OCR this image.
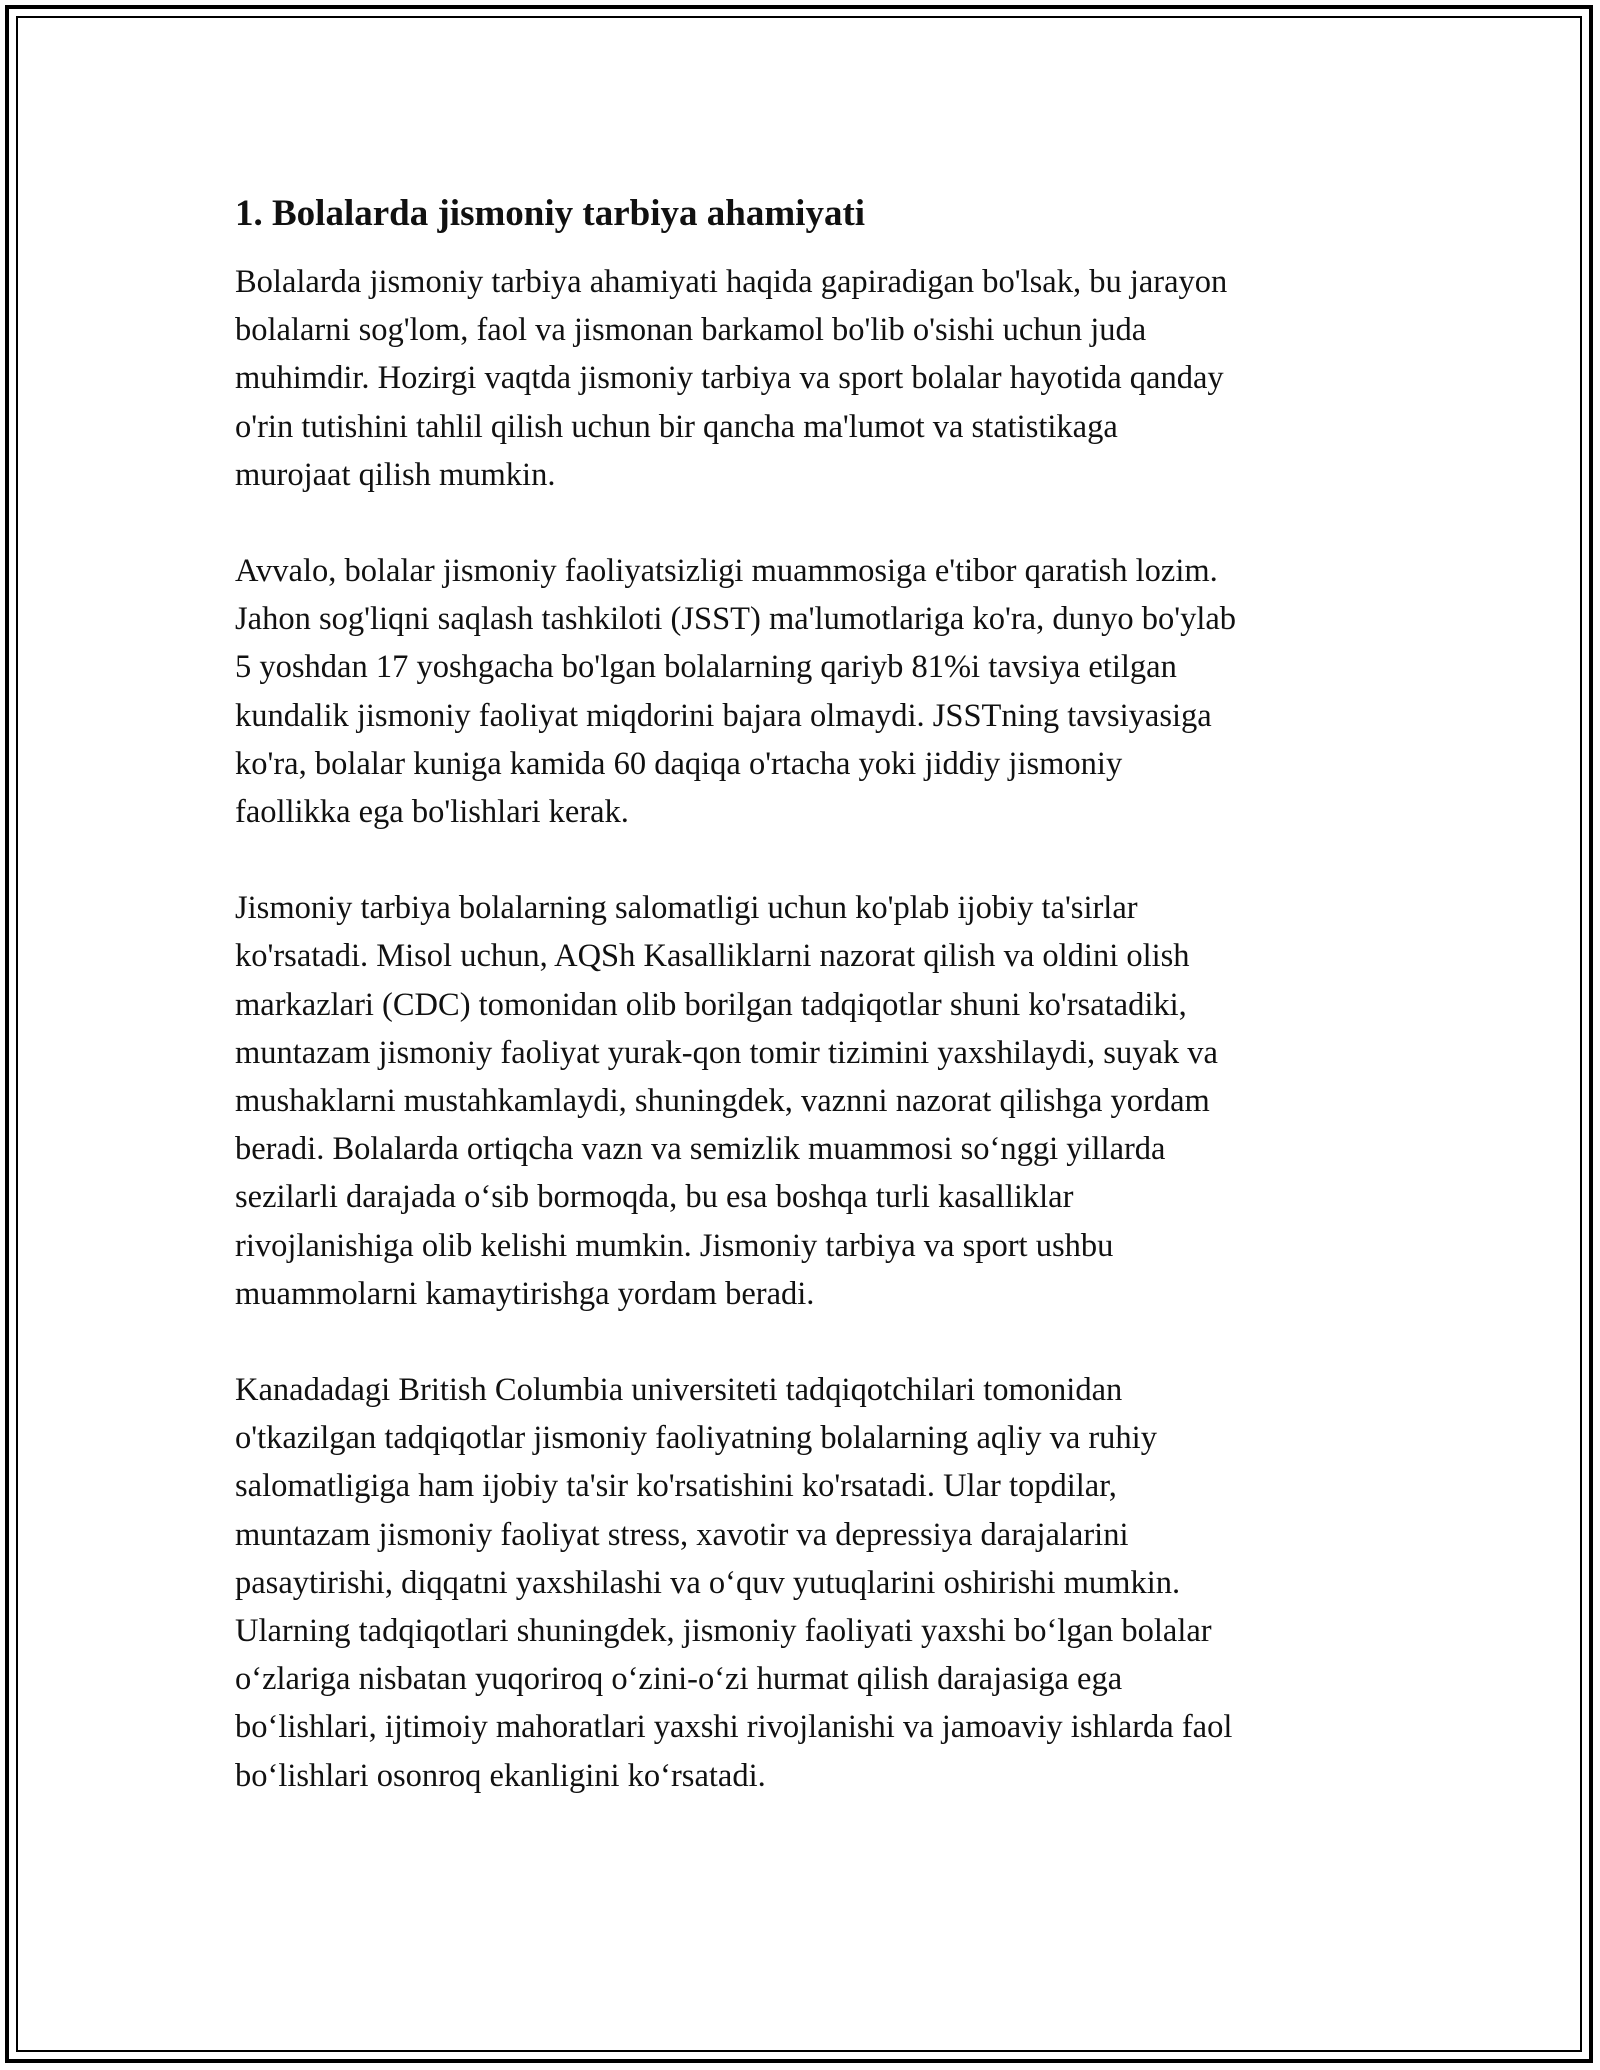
1. Bolalarda jismoniy tarbiya ahamiyati

Bolalarda jismoniy tarbiya ahamiyati haqida gapiradigan bo'lsak, bu jarayon
bolalarni sog'lom, faol va jismonan barkamol bo'lib o'sishi uchun juda
muhimdir. Hozirgi vaqtda jismoniy tarbiya va sport bolalar hayotida qanday
o'rin tutishini tahlil qilish uchun bir qancha ma'lumot va statistikaga
murojaat qilish mumkin.

Avvalo, bolalar jismoniy faoliyatsizligi muammosiga e'tibor qaratish lozim.
Jahon sog'liqni saqlash tashkiloti (JSST) ma'lumotlariga ko'ra, dunyo bo'ylab
5 yoshdan 17 yoshgacha bo'lgan bolalarning qariyb 81%i tavsiya etilgan
kundalik jismoniy faoliyat miqdorini bajara olmaydi. JSSTning tavsiyasiga
ko'ra, bolalar kuniga kamida 60 daqiqa o'rtacha yoki jiddiy jismoniy
faollikka ega bo'lishlari kerak.

Jismoniy tarbiya bolalarning salomatligi uchun ko'plab ijobiy ta'sirlar
ko'rsatadi. Misol uchun, AQSh Kasalliklarni nazorat qilish va oldini olish
markazlari (CDC) tomonidan olib borilgan tadqiqotlar shuni ko'rsatadiki,
muntazam jismoniy faoliyat yurak-qon tomir tizimini yaxshilaydi, suyak va
mushaklarni mustahkamlaydi, shuningdek, vaznni nazorat qilishga yordam
beradi. Bolalarda ortiqcha vazn va semizlik muammosi so‘nggi yillarda
sezilarli darajada o‘sib bormoqda, bu esa boshqa turli kasalliklar
rivojlanishiga olib kelishi mumkin. Jismoniy tarbiya va sport ushbu
muammolarni kamaytirishga yordam beradi.

Kanadadagi British Columbia universiteti tadqiqotchilari tomonidan
o'tkazilgan tadqiqotlar jismoniy faoliyatning bolalarning aqliy va ruhiy
salomatligiga ham ijobiy ta'sir ko'rsatishini ko'rsatadi. Ular topdilar,
muntazam jismoniy faoliyat stress, xavotir va depressiya darajalarini
pasaytirishi, diqqatni yaxshilashi va o‘quv yutuqlarini oshirishi mumkin.
Ularning tadqiqotlari shuningdek, jismoniy faoliyati yaxshi bo‘lgan bolalar
o‘zlariga nisbatan yuqoriroq o‘zini-o‘zi hurmat qilish darajasiga ega
bo‘lishlari, ijtimoiy mahoratlari yaxshi rivojlanishi va jamoaviy ishlarda faol
bo‘lishlari osonroq ekanligini ko‘rsatadi.
